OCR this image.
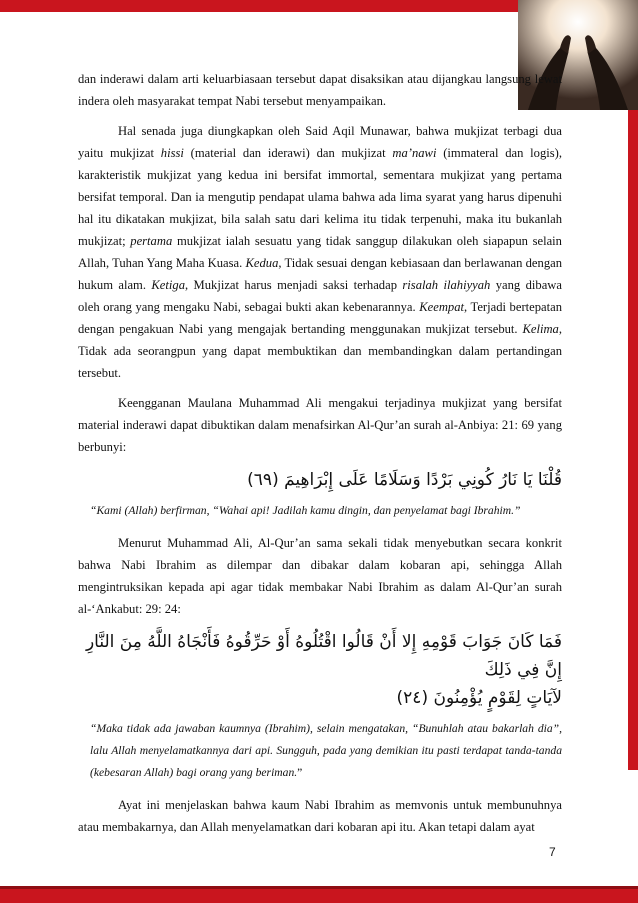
dan inderawi dalam arti keluarbiasaan tersebut dapat disaksikan atau dijangkau langsung lewat indera oleh masyarakat tempat Nabi tersebut menyampaikan.

Hal senada juga diungkapkan oleh Said Aqil Munawar, bahwa mukjizat terbagi dua yaitu mukjizat hissi (material dan iderawi) dan mukjizat ma’nawi (immateral dan logis), karakteristik mukjizat yang kedua ini bersifat immortal, sementara mukjizat yang pertama bersifat temporal. Dan ia mengutip pendapat ulama bahwa ada lima syarat yang harus dipenuhi hal itu dikatakan mukjizat, bila salah satu dari kelima itu tidak terpenuhi, maka itu bukanlah mukjizat; pertama mukjizat ialah sesuatu yang tidak sanggup dilakukan oleh siapapun selain Allah, Tuhan Yang Maha Kuasa. Kedua, Tidak sesuai dengan kebiasaan dan berlawanan dengan hukum alam. Ketiga, Mukjizat harus menjadi saksi terhadap risalah ilahiyyah yang dibawa oleh orang yang mengaku Nabi, sebagai bukti akan kebenarannya. Keempat, Terjadi bertepatan dengan pengakuan Nabi yang mengajak bertanding menggunakan mukjizat tersebut. Kelima, Tidak ada seorangpun yang dapat membuktikan dan membandingkan dalam pertandingan tersebut.

Keengganan Maulana Muhammad Ali mengakui terjadinya mukjizat yang bersifat material inderawi dapat dibuktikan dalam menafsirkan Al-Qur’an surah al-Anbiya: 21: 69 yang berbunyi:

قُلْنَا يَا نَارُ كُونِي بَرْدًا وَسَلَامًا عَلَى إِبْرَاهِيمَ (٦٩)
“Kami (Allah) berfirman, “Wahai api! Jadilah kamu dingin, dan penyelamat bagi Ibrahim.”

Menurut Muhammad Ali, Al-Qur’an sama sekali tidak menyebutkan secara konkrit bahwa Nabi Ibrahim as dilempar dan dibakar dalam kobaran api, sehingga Allah mengintruksikan kepada api agar tidak membakar Nabi Ibrahim as dalam Al-Qur’an surah al-‘Ankabut: 29: 24:

فَمَا كَانَ جَوَابَ قَوْمِهِ إِلا أَنْ قَالُوا اقْتُلُوهُ أَوْ حَرِّقُوهُ فَأَنْجَاهُ اللَّهُ مِنَ النَّارِ إِنَّ فِي ذَلِكَ
لآيَاتٍ لِقَوْمٍ يُؤْمِنُونَ (٢٤)
“Maka tidak ada jawaban kaumnya (Ibrahim), selain mengatakan, “Bunuhlah atau bakarlah dia”, lalu Allah menyelamatkannya dari api. Sungguh, pada yang demikian itu pasti terdapat tanda-tanda (kebesaran Allah) bagi orang yang beriman.”

Ayat ini menjelaskan bahwa kaum Nabi Ibrahim as memvonis untuk membunuhnya atau membakarnya, dan Allah menyelamatkan dari kobaran api itu. Akan tetapi dalam ayat

7
